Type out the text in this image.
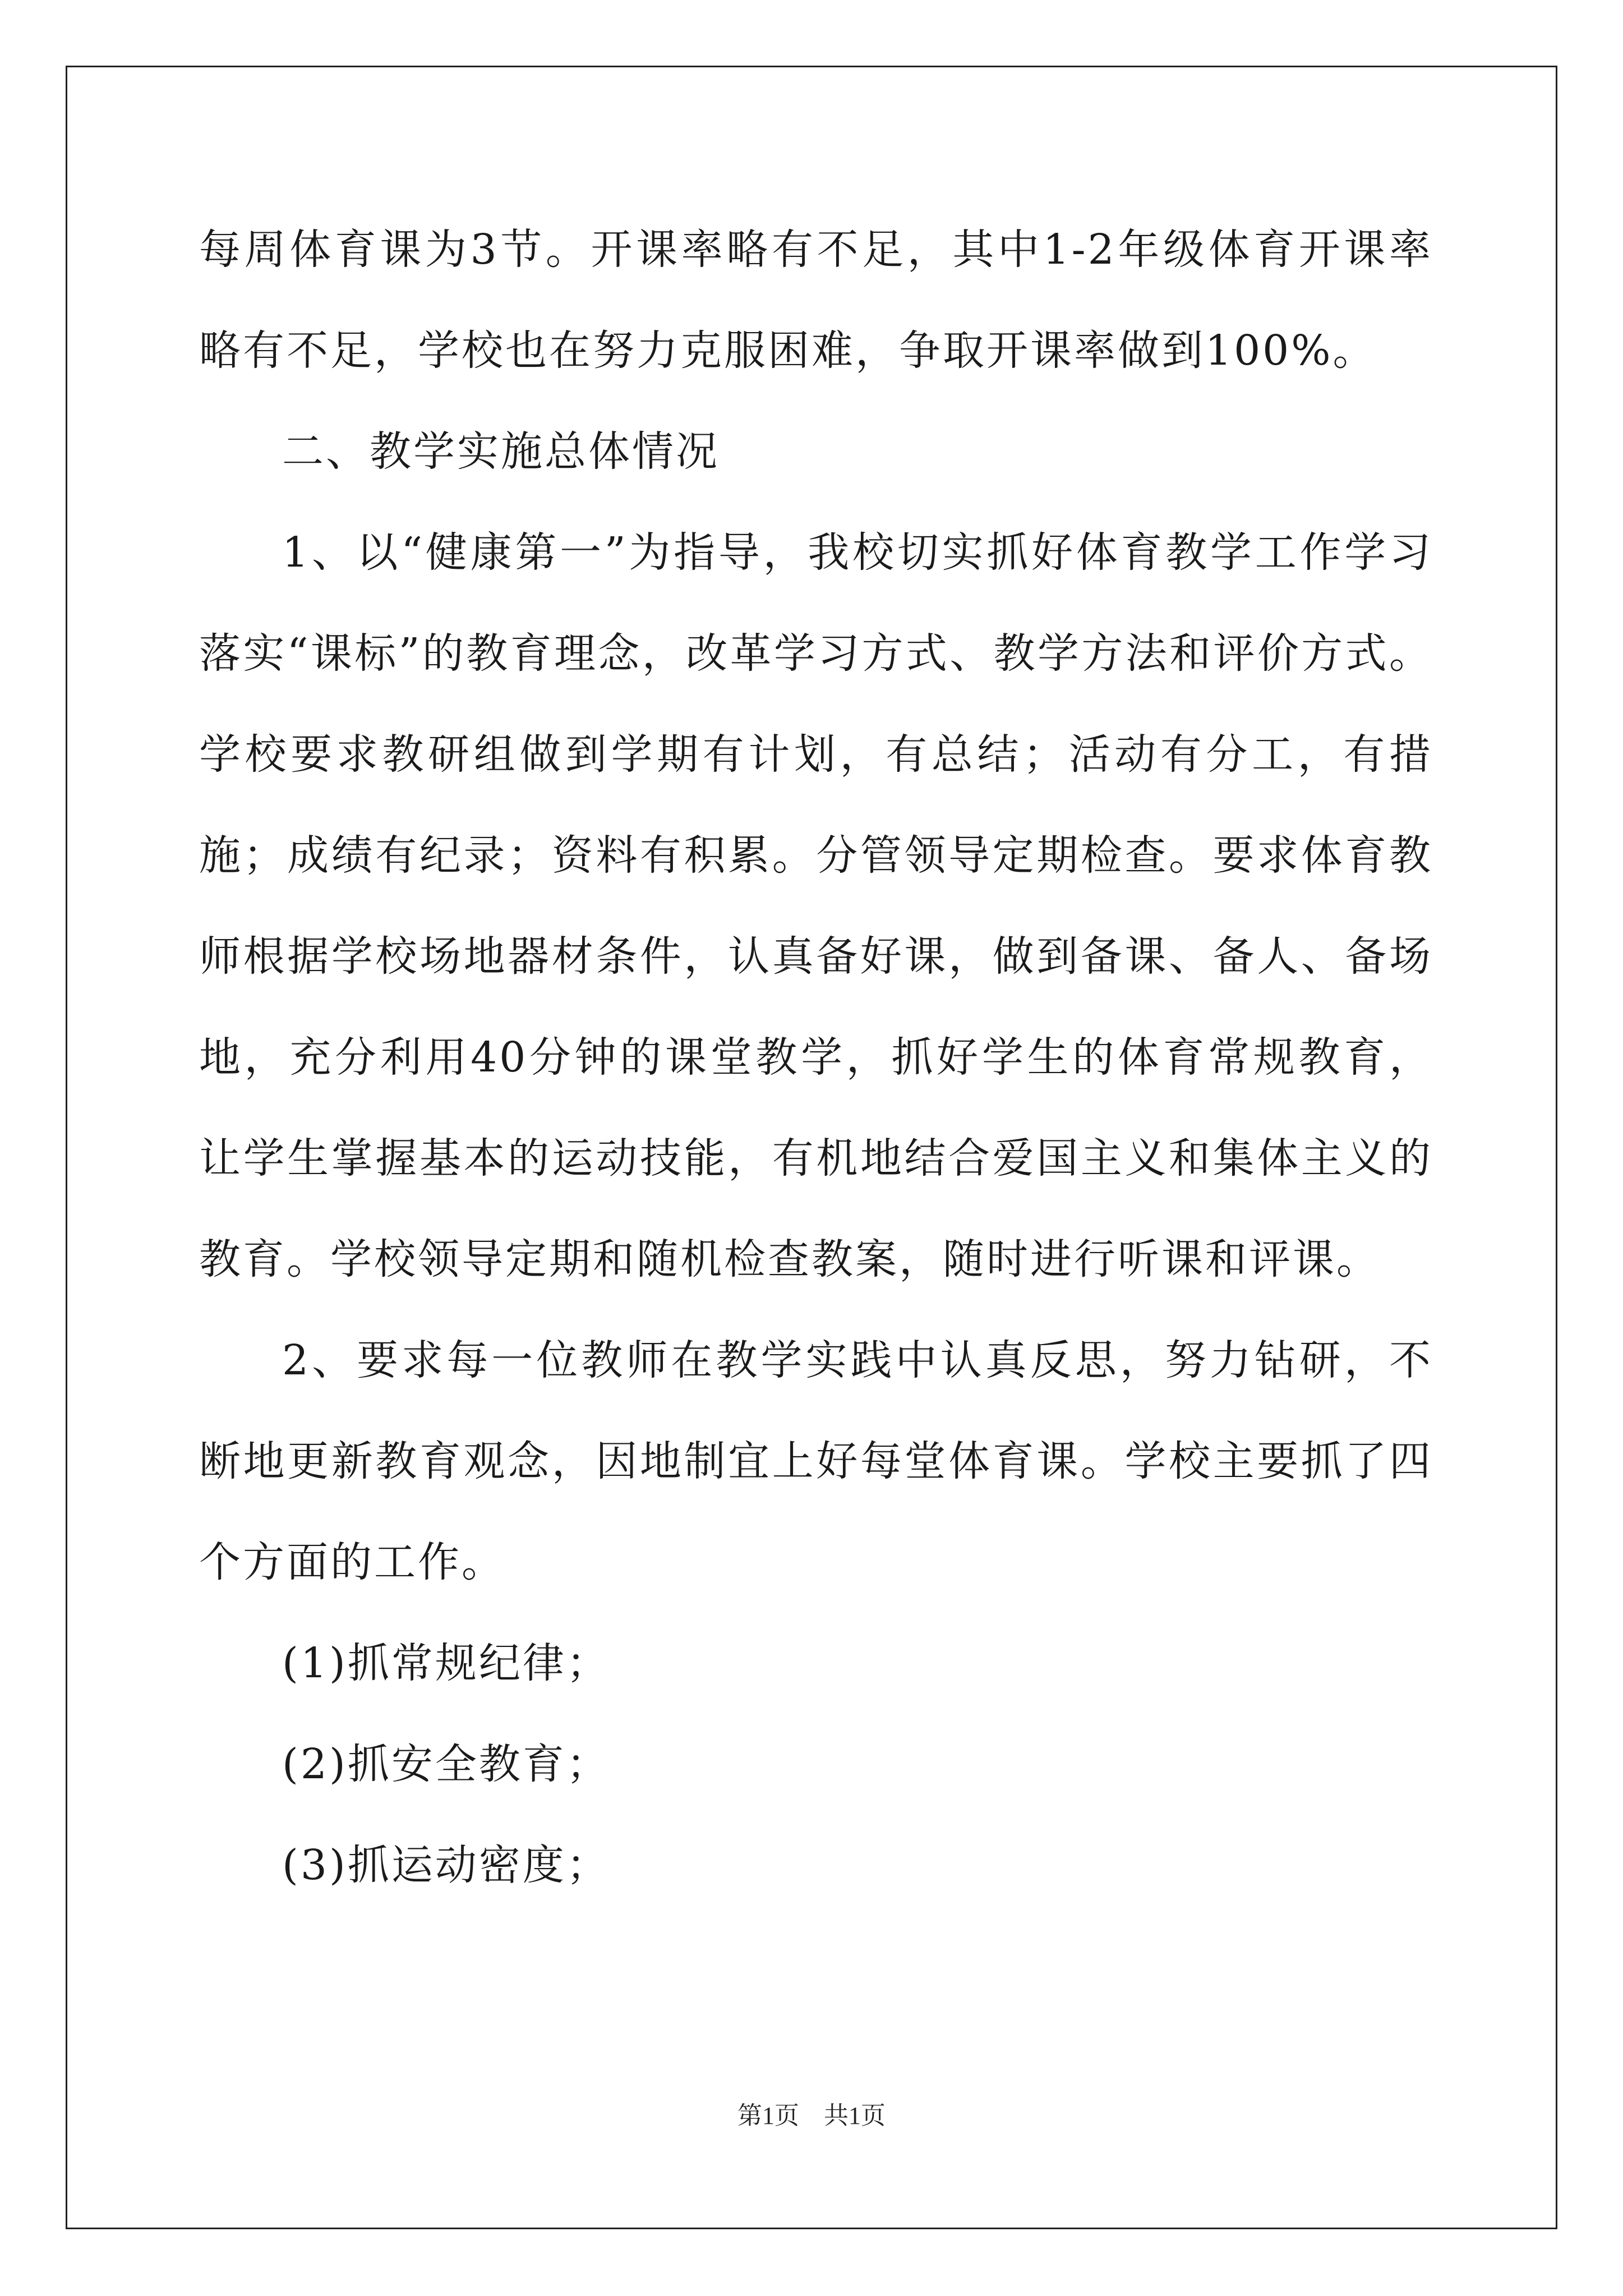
每周体育课为3节。开课率略有不足，其中1-2年级体育开课率略有不足，学校也在努力克服困难，争取开课率做到100%。

二、教学实施总体情况

1、以“健康第一”为指导，我校切实抓好体育教学工作学习落实“课标”的教育理念，改革学习方式、教学方法和评价方式。学校要求教研组做到学期有计划，有总结；活动有分工，有措施；成绩有纪录；资料有积累。分管领导定期检查。要求体育教师根据学校场地器材条件，认真备好课，做到备课、备人、备场地，充分利用40分钟的课堂教学，抓好学生的体育常规教育，让学生掌握基本的运动技能，有机地结合爱国主义和集体主义的教育。学校领导定期和随机检查教案，随时进行听课和评课。

2、要求每一位教师在教学实践中认真反思，努力钻研，不断地更新教育观念，因地制宜上好每堂体育课。学校主要抓了四个方面的工作。

(1)抓常规纪律；

(2)抓安全教育；

(3)抓运动密度；

第1页　共1页
